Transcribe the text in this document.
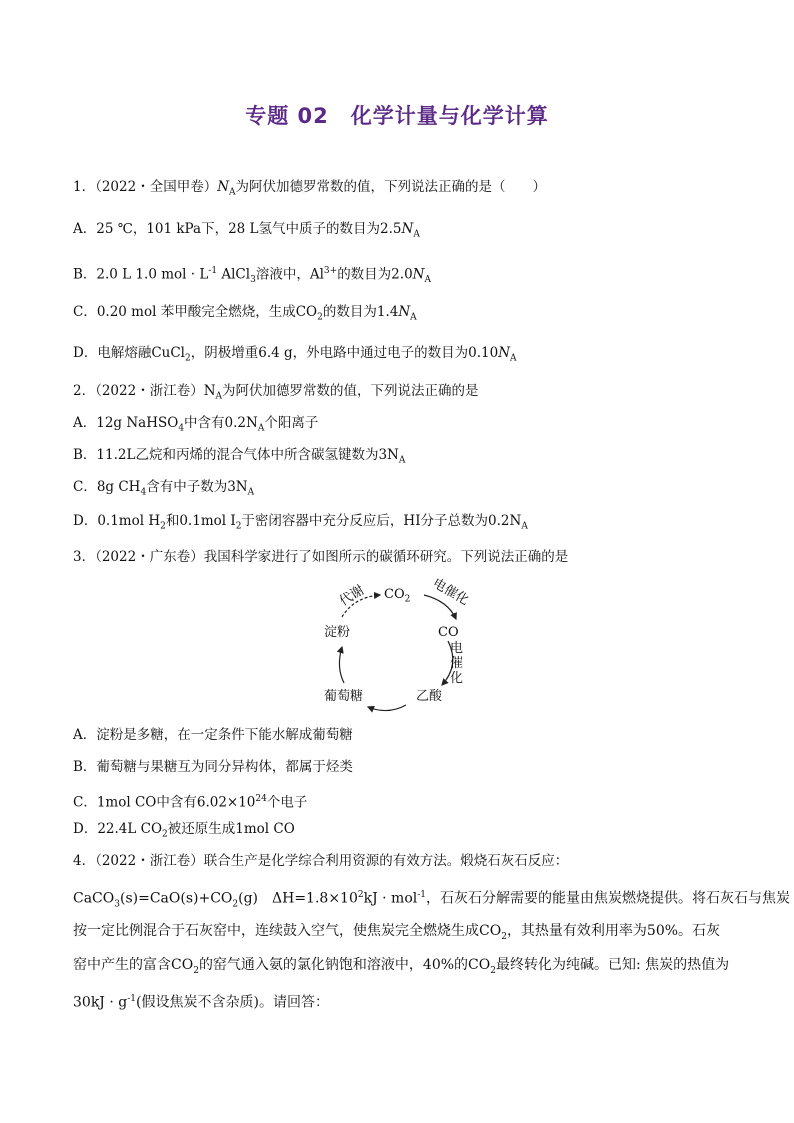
专题 02　化学计量与化学计算
1．（2022・全国甲卷）$N_A$为阿伏加德罗常数的值，下列说法正确的是（　　）
A．25 ℃，101 kPa下，28 L氢气中质子的数目为$2.5N_A$
B．2.0 L 1.0 mol · $L^{-1}$ AlCl$_3$溶液中，$Al^{3+}$的数目为$2.0N_A$
C．0.20 mol 苯甲酸完全燃烧，生成$CO_2$的数目为$1.4N_A$
D．电解熔融CuCl$_2$，阴极增重6.4 g，外电路中通过电子的数目为$0.10N_A$
2．（2022・浙江卷）$N_A$为阿伏加德罗常数的值，下列说法正确的是
A．12g NaHSO$_4$中含有$0.2N_A$个阳离子
B．11.2L乙烷和丙烯的混合气体中所含碳氢键数为$3N_A$
C．8g $CH_4$含有中子数为$3N_A$
D．0.1mol $H_2$和0.1mol $I_2$于密闭容器中充分反应后，HI分子总数为$0.2N_A$
3．（2022・广东卷）我国科学家进行了如图所示的碳循环研究。下列说法正确的是
$CO_2$
CO
乙酸
葡萄糖
淀粉
代谢	电催化
电
催
化
A．淀粉是多糖，在一定条件下能水解成葡萄糖
B．葡萄糖与果糖互为同分异构体，都属于烃类
C．1mol CO中含有$6.02\times 10^{24}$个电子
D．22.4L $CO_2$被还原生成1mol CO
4．（2022・浙江卷）联合生产是化学综合利用资源的有效方法。煅烧石灰石反应：
$CaCO_3(s)=CaO(s)+CO_2(g)$　$\Delta H=1.8\times 10^2kJ \cdot mol^{-1}$，石灰石分解需要的能量由焦炭燃烧提供。将石灰石与焦炭
按一定比例混合于石灰窑中，连续鼓入空气，使焦炭完全燃烧生成$CO_2$，其热量有效利用率为50%。石灰
窑中产生的富含$CO_2$的窑气通入氨的氯化钠饱和溶液中，40%的$CO_2$最终转化为纯碱。已知: 焦炭的热值为
$30kJ \cdot g^{-1}$(假设焦炭不含杂质)。请回答：
